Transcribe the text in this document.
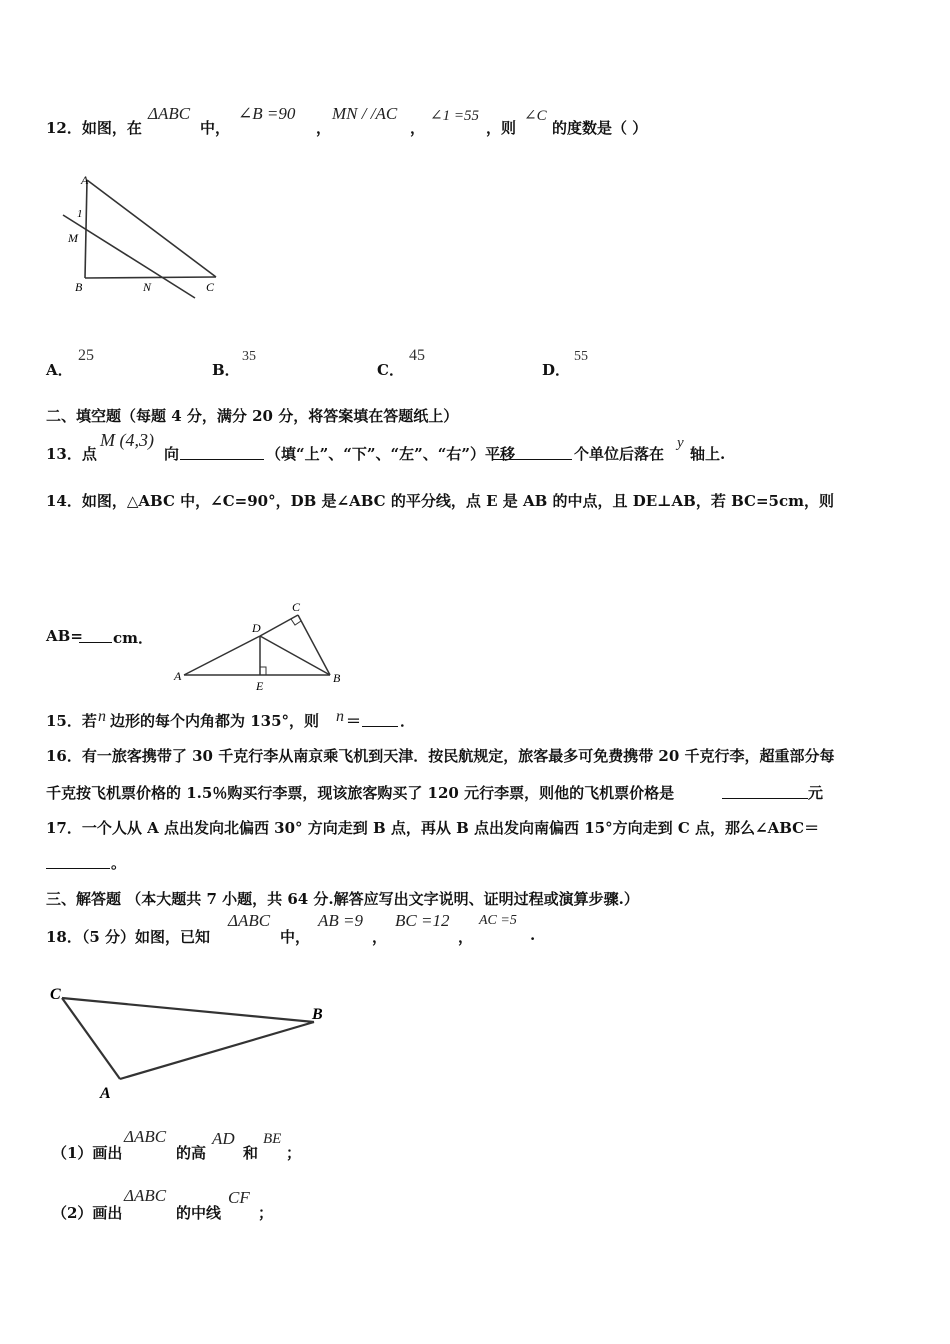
12．如图，在
ΔABC
中，
∠B =90
，
MN / /AC
，
∠1 =55
，则
∠C
的度数是（ ）
A
1
M
B	N	C
A．
25
B．
35
C．
45
D．
55
二、填空题（每题 4 分，满分 20 分，将答案填在答题纸上）
13．点
M (4,3)
向	（填“上”、“下”、“左”、“右”）平移	个单位后落在
y
轴上.
14．如图，△ABC 中，∠C=90°，DB 是∠ABC 的平分线，点 E 是 AB 的中点，且 DE⊥AB，若 BC=5cm，则
AB= cm．
C
D
A
E
B
15．若 n 边形的每个内角都为 135°，则 n ＝	．
16．有一旅客携带了 30 千克行李从南京乘飞机到天津．按民航规定，旅客最多可免费携带 20 千克行李，超重部分每
千克按飞机票价格的 1.5％购买行李票，现该旅客购买了 120 元行李票，则他的飞机票价格是	元
17．一个人从 A 点出发向北偏西 30° 方向走到 B 点，再从 B 点出发向南偏西 15°方向走到 C 点，那么∠ABC＝
。
三、解答题 （本大题共 7 小题，共 64 分.解答应写出文字说明、证明过程或演算步骤.）
18．（5 分）如图，已知
ΔABC
中，
AB =9
，
BC =12
，
AC =5
.
C
B
A
（1）画出
ΔABC
的高
AD
和
BE
；
（2）画出
ΔABC
的中线
CF
；
